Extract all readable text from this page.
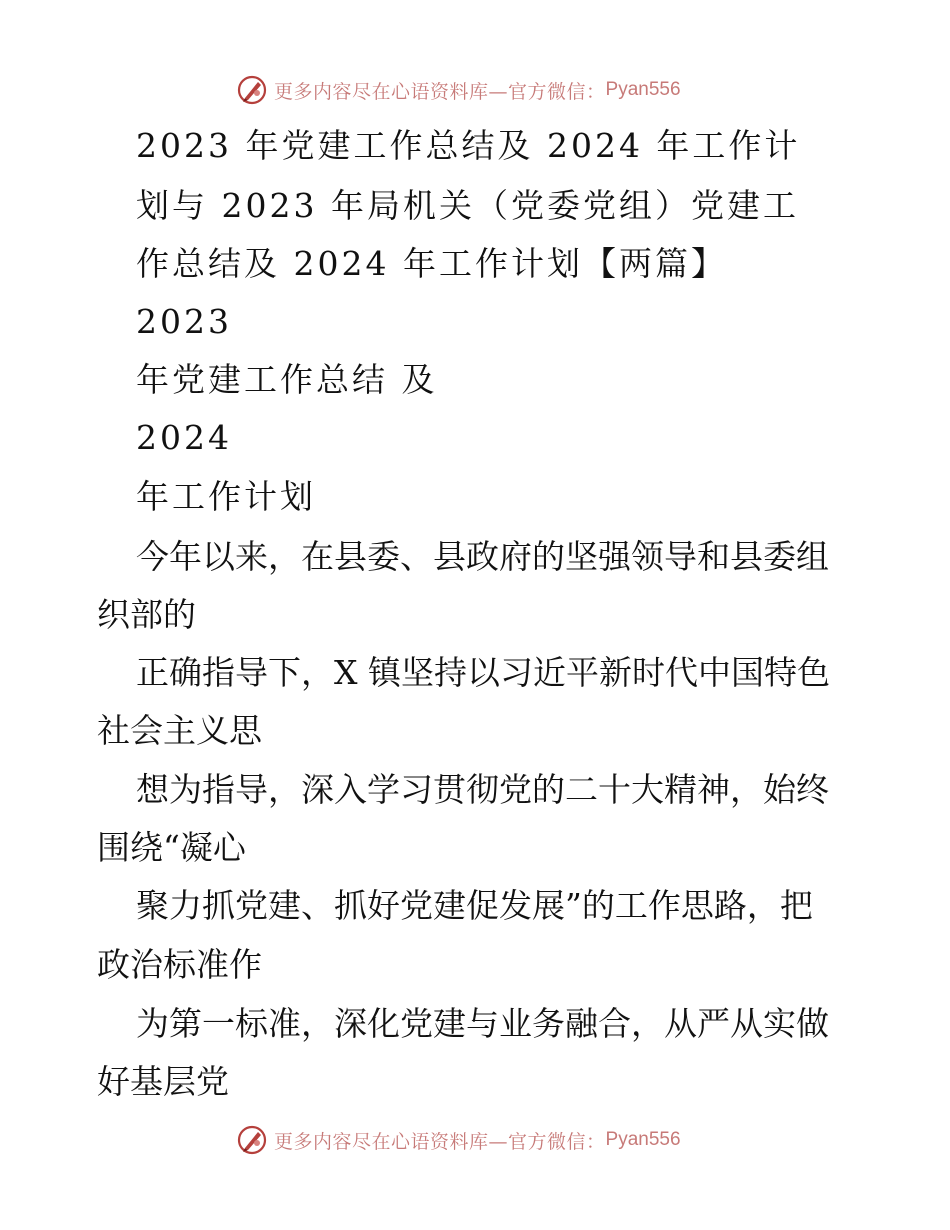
更多内容尽在心语资料库—官方微信： Pyan556
2023 年党建工作总结及 2024 年工作计
划与 2023 年局机关（党委党组）党建工
作总结及 2024 年工作计划【两篇】
2023
年党建工作总结 及
2024
年工作计划
今年以来，在县委、县政府的坚强领导和县委组
织部的
正确指导下，X 镇坚持以习近平新时代中国特色
社会主义思
想为指导，深入学习贯彻党的二十大精神，始终
围绕“凝心
聚力抓党建、抓好党建促发展”的工作思路，把
政治标准作
为第一标准，深化党建与业务融合，从严从实做
好基层党
更多内容尽在心语资料库—官方微信： Pyan556
